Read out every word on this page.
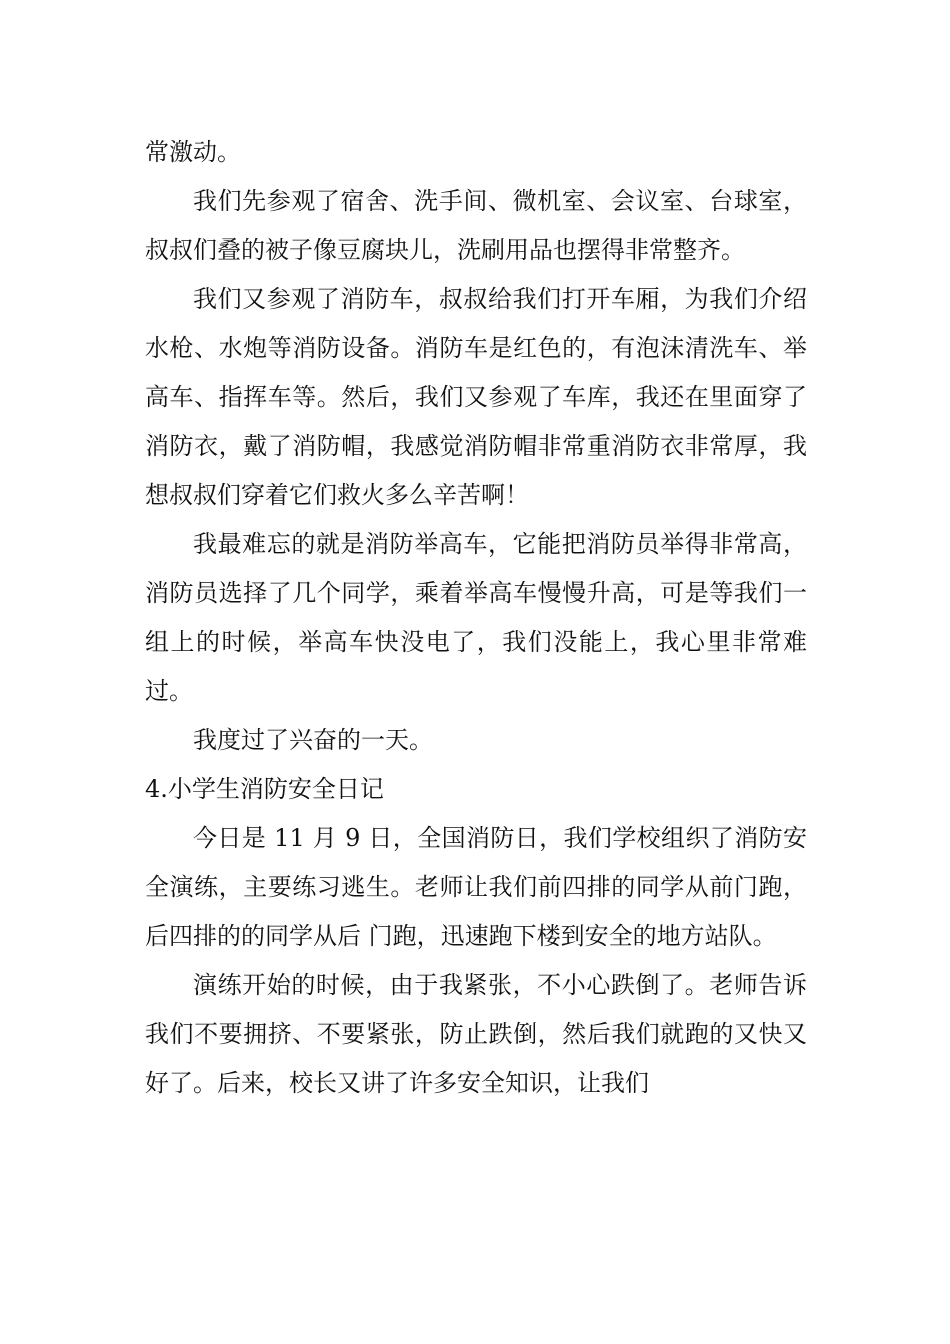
常激动。

我们先参观了宿舍、洗手间、微机室、会议室、台球室，叔叔们叠的被子像豆腐块儿，洗刷用品也摆得非常整齐。

我们又参观了消防车，叔叔给我们打开车厢，为我们介绍水枪、水炮等消防设备。消防车是红色的，有泡沫清洗车、举高车、指挥车等。然后，我们又参观了车库，我还在里面穿了消防衣，戴了消防帽，我感觉消防帽非常重消防衣非常厚，我想叔叔们穿着它们救火多么辛苦啊！

我最难忘的就是消防举高车，它能把消防员举得非常高，消防员选择了几个同学，乘着举高车慢慢升高，可是等我们一组上的时候，举高车快没电了，我们没能上，我心里非常难过。

我度过了兴奋的一天。

4.小学生消防安全日记

今日是 11 月 9 日，全国消防日，我们学校组织了消防安全演练，主要练习逃生。老师让我们前四排的同学从前门跑，后四排的的同学从后 门跑，迅速跑下楼到安全的地方站队。

演练开始的时候，由于我紧张，不小心跌倒了。老师告诉我们不要拥挤、不要紧张，防止跌倒，然后我们就跑的又快又好了。后来，校长又讲了许多安全知识，让我们
